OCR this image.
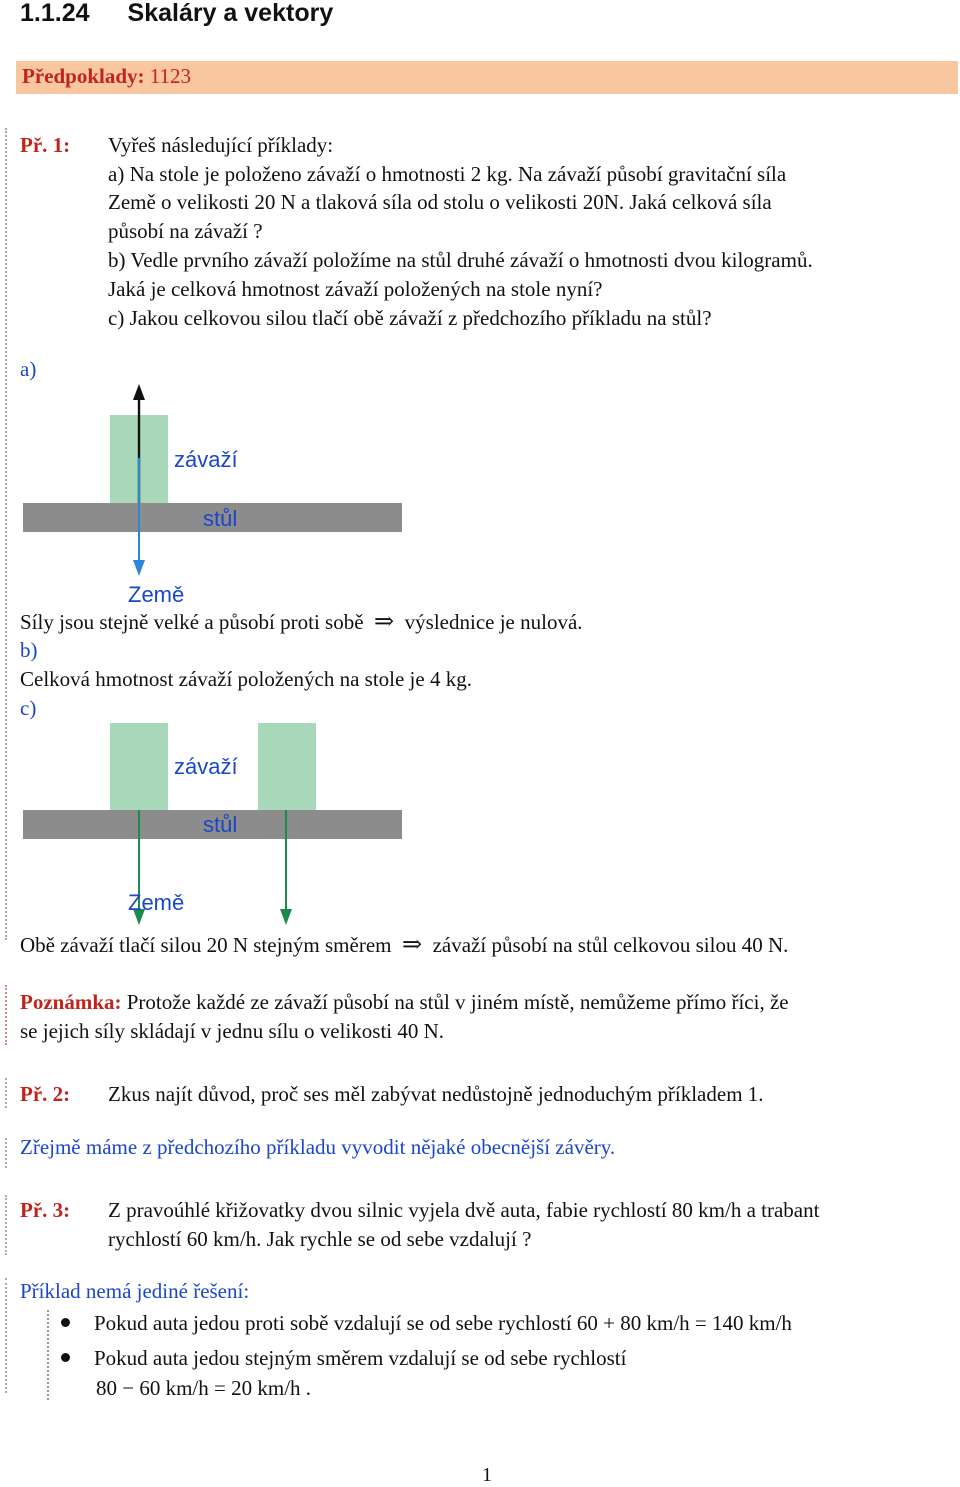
1.1.24 Skaláry a vektory
Předpoklady: 1123
Př. 1: Vyřeš následující příklady:
a) Na stole je položeno závaží o hmotnosti 2 kg. Na závaží působí gravitační síla
Země o velikosti 20 N a tlaková síla od stolu o velikosti 20N. Jaká celková síla
působí na závaží ?
b) Vedle prvního závaží položíme na stůl druhé závaží o hmotnosti dvou kilogramů.
Jaká je celková hmotnost závaží položených na stole nyní?
c) Jakou celkovou silou tlačí obě závaží z předchozího příkladu na stůl?
a)
závaží
stůl
Země
Síly jsou stejně velké a působí proti sobě ⇒ výslednice je nulová.
b)
Celková hmotnost závaží položených na stole je 4 kg.
c)
závaží
stůl
Země
Obě závaží tlačí silou 20 N stejným směrem ⇒ závaží působí na stůl celkovou silou 40 N.
Poznámka: Protože každé ze závaží působí na stůl v jiném místě, nemůžeme přímo říci, že
se jejich síly skládají v jednu sílu o velikosti 40 N.
Př. 2: Zkus najít důvod, proč ses měl zabývat nedůstojně jednoduchým příkladem 1.
Zřejmě máme z předchozího příkladu vyvodit nějaké obecnější závěry.
Př. 3: Z pravoúhlé křižovatky dvou silnic vyjela dvě auta, fabie rychlostí 80 km/h a trabant
rychlostí 60 km/h. Jak rychle se od sebe vzdalují ?
Příklad nemá jediné řešení:
Pokud auta jedou proti sobě vzdalují se od sebe rychlostí 60 + 80 km/h = 140 km/h
Pokud auta jedou stejným směrem vzdalují se od sebe rychlostí
80 − 60 km/h = 20 km/h .
1
